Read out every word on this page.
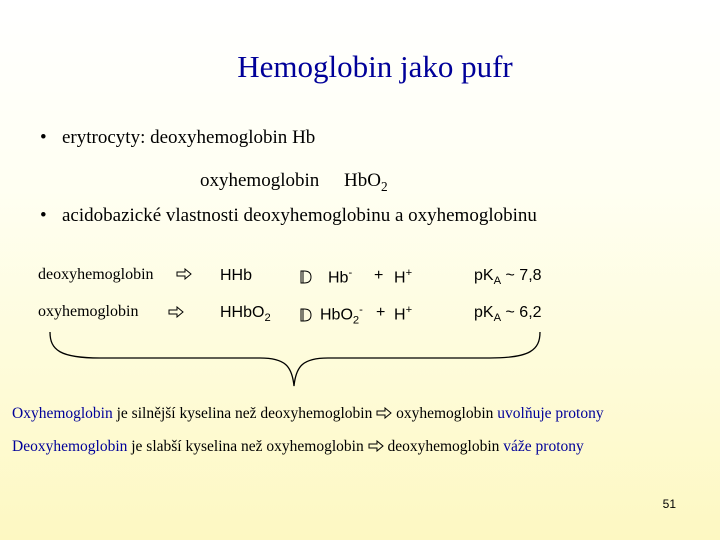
Hemoglobin jako pufr
• erytrocyty: deoxyhemoglobin Hb
oxyhemoglobin HbO$_2$
• acidobazické vlastnosti deoxyhemoglobinu a oxyhemoglobinu
deoxyhemoglobin	HHb	Hb- + H+	$pK_A$ ~ 7,8
oxyhemoglobin	HHbO$_2$	HbO$_2$- + H+	$pK_A$ ~ 6,2
Oxyhemoglobin je silnější kyselina než deoxyhemoglobin
oxyhemoglobin uvolňuje protony
Deoxyhemoglobin je slabší kyselina než oxyhemoglobin
deoxyhemoglobin váže protony
51
